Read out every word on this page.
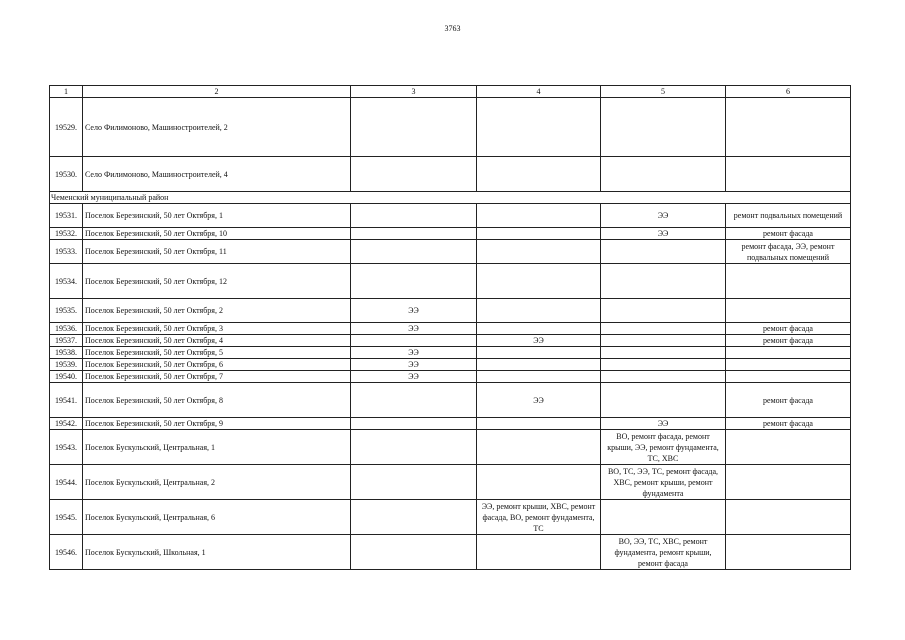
3763
1	2	3	4	5	6
19529.	Село Филимоново, Машиностроителей, 2				
19530.	Село Филимоново, Машиностроителей, 4				
Чеменский муниципальный район					
19531.	Поселок Березинский, 50 лет Октября, 1			ЭЭ	ремонт подвальных помещений
19532.	Поселок Березинский, 50 лет Октября, 10			ЭЭ	ремонт фасада
19533.	Поселок Березинский, 50 лет Октября, 11				ремонт фасада, ЭЭ, ремонт подвальных помещений
19534.	Поселок Березинский, 50 лет Октября, 12				
19535.	Поселок Березинский, 50 лет Октября, 2	ЭЭ			
19536.	Поселок Березинский, 50 лет Октября, 3	ЭЭ			ремонт фасада
19537.	Поселок Березинский, 50 лет Октября, 4		ЭЭ		ремонт фасада
19538.	Поселок Березинский, 50 лет Октября, 5	ЭЭ			
19539.	Поселок Березинский, 50 лет Октября, 6	ЭЭ			
19540.	Поселок Березинский, 50 лет Октября, 7	ЭЭ			
19541.	Поселок Березинский, 50 лет Октября, 8		ЭЭ		ремонт фасада
19542.	Поселок Березинский, 50 лет Октября, 9			ЭЭ	ремонт фасада
19543.	Поселок Бускульский, Центральная, 1			ВО, ремонт фасада, ремонт крыши, ЭЭ, ремонт фундамента, ТС, ХВС	
19544.	Поселок Бускульский, Центральная, 2			ВО, ТС, ЭЭ, ТС, ремонт фасада, ХВС, ремонт крыши, ремонт фундамента	
19545.	Поселок Бускульский, Центральная, 6		ЭЭ, ремонт крыши, ХВС, ремонт фасада, ВО, ремонт фундамента, ТС		
19546.	Поселок Бускульский, Школьная, 1			ВО, ЭЭ, ТС, ХВС, ремонт фундамента, ремонт крыши, ремонт фасада	
